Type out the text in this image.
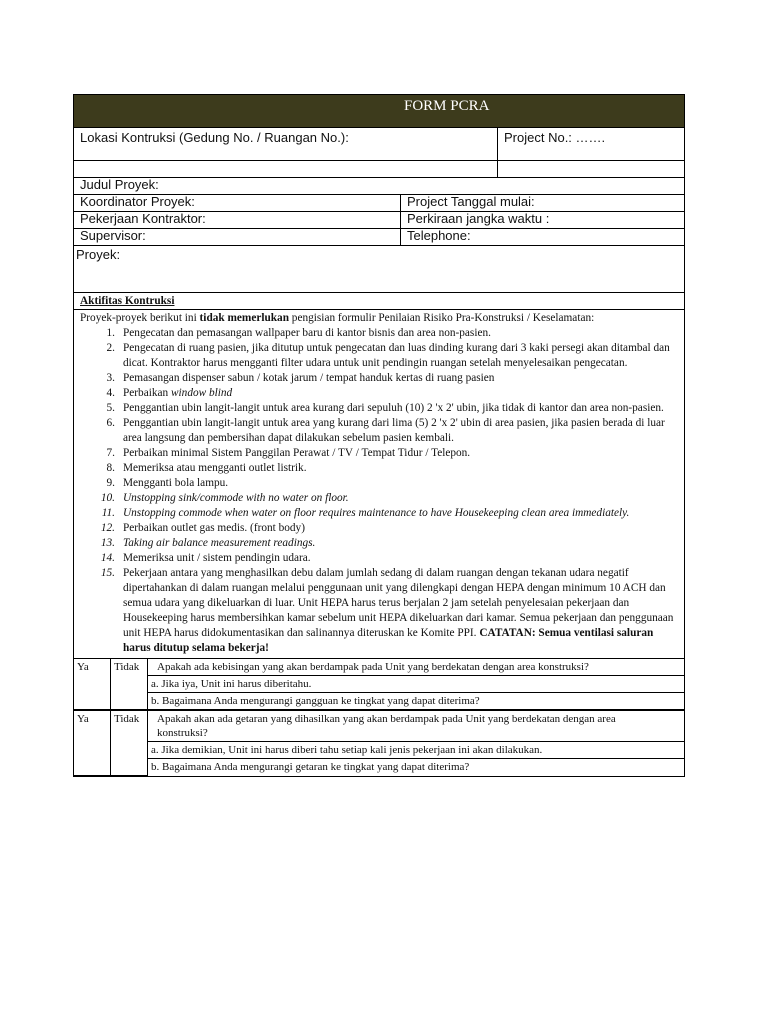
FORM PCRA
Lokasi Kontruksi (Gedung No. / Ruangan No.):	Project No.: …….
Judul Proyek:
Koordinator Proyek:	Project Tanggal mulai:
Pekerjaan Kontraktor:	Perkiraan jangka waktu :
Supervisor:	Telephone:
Proyek:
Aktifitas Kontruksi
Proyek-proyek berikut ini tidak memerlukan pengisian formulir Penilaian Risiko Pra-Konstruksi / Keselamatan:
1. Pengecatan dan pemasangan wallpaper baru di kantor bisnis dan area non-pasien.
2. Pengecatan di ruang pasien, jika ditutup untuk pengecatan dan luas dinding kurang dari 3 kaki persegi akan ditambal dan dicat. Kontraktor harus mengganti filter udara untuk unit pendingin ruangan setelah menyelesaikan pengecatan.
3. Pemasangan dispenser sabun / kotak jarum / tempat handuk kertas di ruang pasien
4. Perbaikan window blind
5. Penggantian ubin langit-langit untuk area kurang dari sepuluh (10) 2 'x 2' ubin, jika tidak di kantor dan area non-pasien.
6. Penggantian ubin langit-langit untuk area yang kurang dari lima (5) 2 'x 2' ubin di area pasien, jika pasien berada di luar area langsung dan pembersihan dapat dilakukan sebelum pasien kembali.
7. Perbaikan minimal Sistem Panggilan Perawat / TV / Tempat Tidur / Telepon.
8. Memeriksa atau mengganti outlet listrik.
9. Mengganti bola lampu.
10. Unstopping sink/commode with no water on floor.
11. Unstopping commode when water on floor requires maintenance to have Housekeeping clean area immediately.
12. Perbaikan outlet gas medis. (front body)
13. Taking air balance measurement readings.
14. Memeriksa unit / sistem pendingin udara.
15. Pekerjaan antara yang menghasilkan debu dalam jumlah sedang di dalam ruangan dengan tekanan udara negatif dipertahankan di dalam ruangan melalui penggunaan unit yang dilengkapi dengan HEPA dengan minimum 10 ACH dan semua udara yang dikeluarkan di luar. Unit HEPA harus terus berjalan 2 jam setelah penyelesaian pekerjaan dan Housekeeping harus membersihkan kamar sebelum unit HEPA dikeluarkan dari kamar. Semua pekerjaan dan penggunaan unit HEPA harus didokumentasikan dan salinannya diteruskan ke Komite PPI. CATATAN: Semua ventilasi saluran harus ditutup selama bekerja!
Ya	Tidak	Apakah ada kebisingan yang akan berdampak pada Unit yang berdekatan dengan area konstruksi?

		a. Jika iya, Unit ini harus diberitahu.
		b. Bagaimana Anda mengurangi gangguan ke tingkat yang dapat diterima?
Ya	Tidak	Apakah akan ada getaran yang dihasilkan yang akan berdampak pada Unit yang berdekatan dengan area konstruksi?

		a. Jika demikian, Unit ini harus diberi tahu setiap kali jenis pekerjaan ini akan dilakukan.
		b. Bagaimana Anda mengurangi getaran ke tingkat yang dapat diterima?
